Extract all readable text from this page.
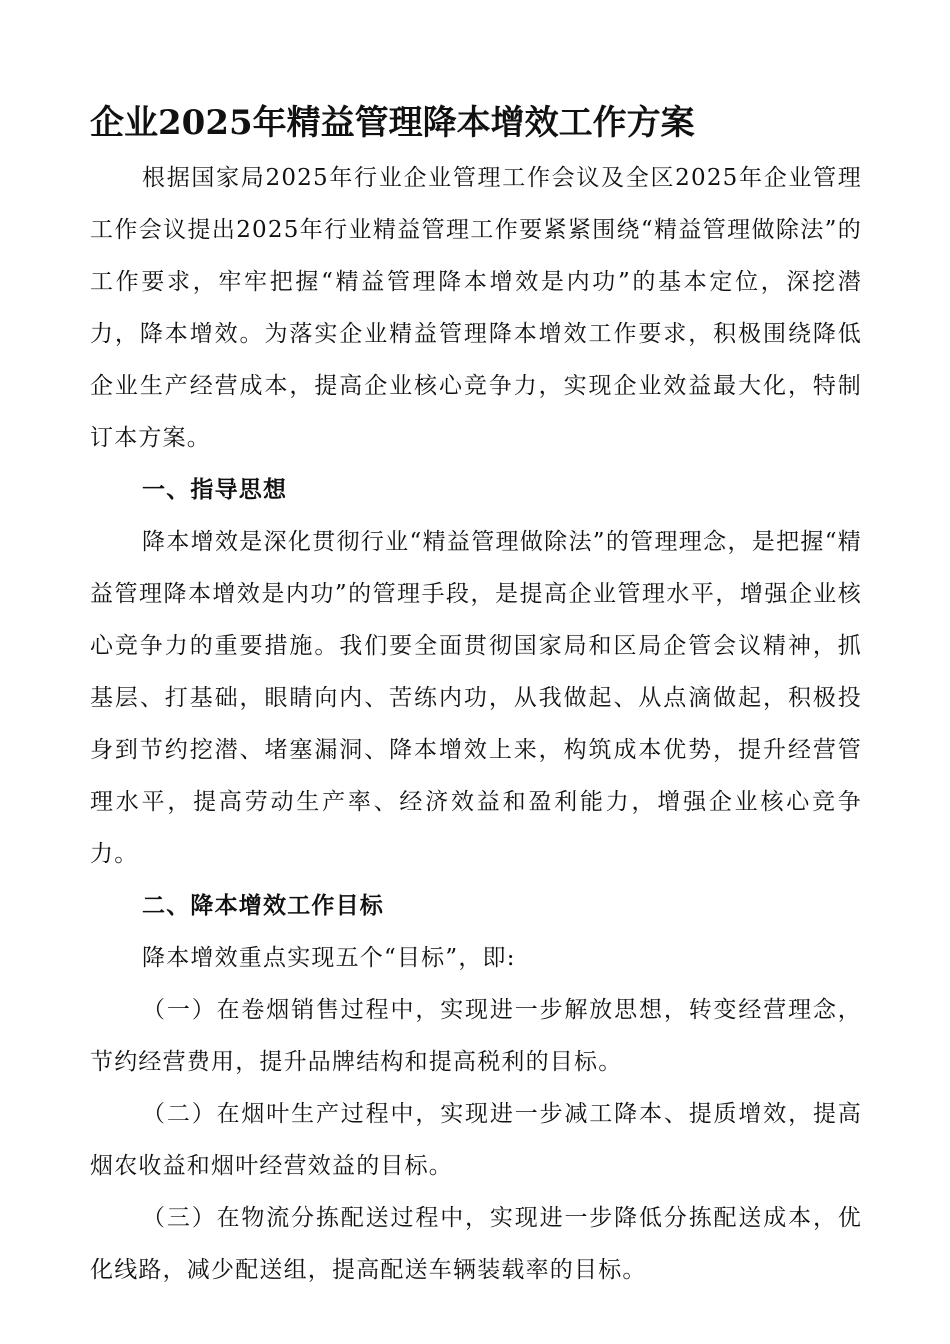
企业2025年精益管理降本增效工作方案

根据国家局2025年行业企业管理工作会议及全区2025年企业管理工作会议提出2025年行业精益管理工作要紧紧围绕“精益管理做除法”的工作要求，牢牢把握“精益管理降本增效是内功”的基本定位，深挖潜力，降本增效。为落实企业精益管理降本增效工作要求，积极围绕降低企业生产经营成本，提高企业核心竞争力，实现企业效益最大化，特制订本方案。

一、指导思想

降本增效是深化贯彻行业“精益管理做除法”的管理理念，是把握“精益管理降本增效是内功”的管理手段，是提高企业管理水平，增强企业核心竞争力的重要措施。我们要全面贯彻国家局和区局企管会议精神，抓基层、打基础，眼睛向内、苦练内功，从我做起、从点滴做起，积极投身到节约挖潜、堵塞漏洞、降本增效上来，构筑成本优势，提升经营管理水平，提高劳动生产率、经济效益和盈利能力，增强企业核心竞争力。

二、降本增效工作目标

降本增效重点实现五个“目标”，即:

（一）在卷烟销售过程中，实现进一步解放思想，转变经营理念，节约经营费用，提升品牌结构和提高税利的目标。

（二）在烟叶生产过程中，实现进一步减工降本、提质增效，提高烟农收益和烟叶经营效益的目标。

（三）在物流分拣配送过程中，实现进一步降低分拣配送成本，优化线路，减少配送组，提高配送车辆装载率的目标。
